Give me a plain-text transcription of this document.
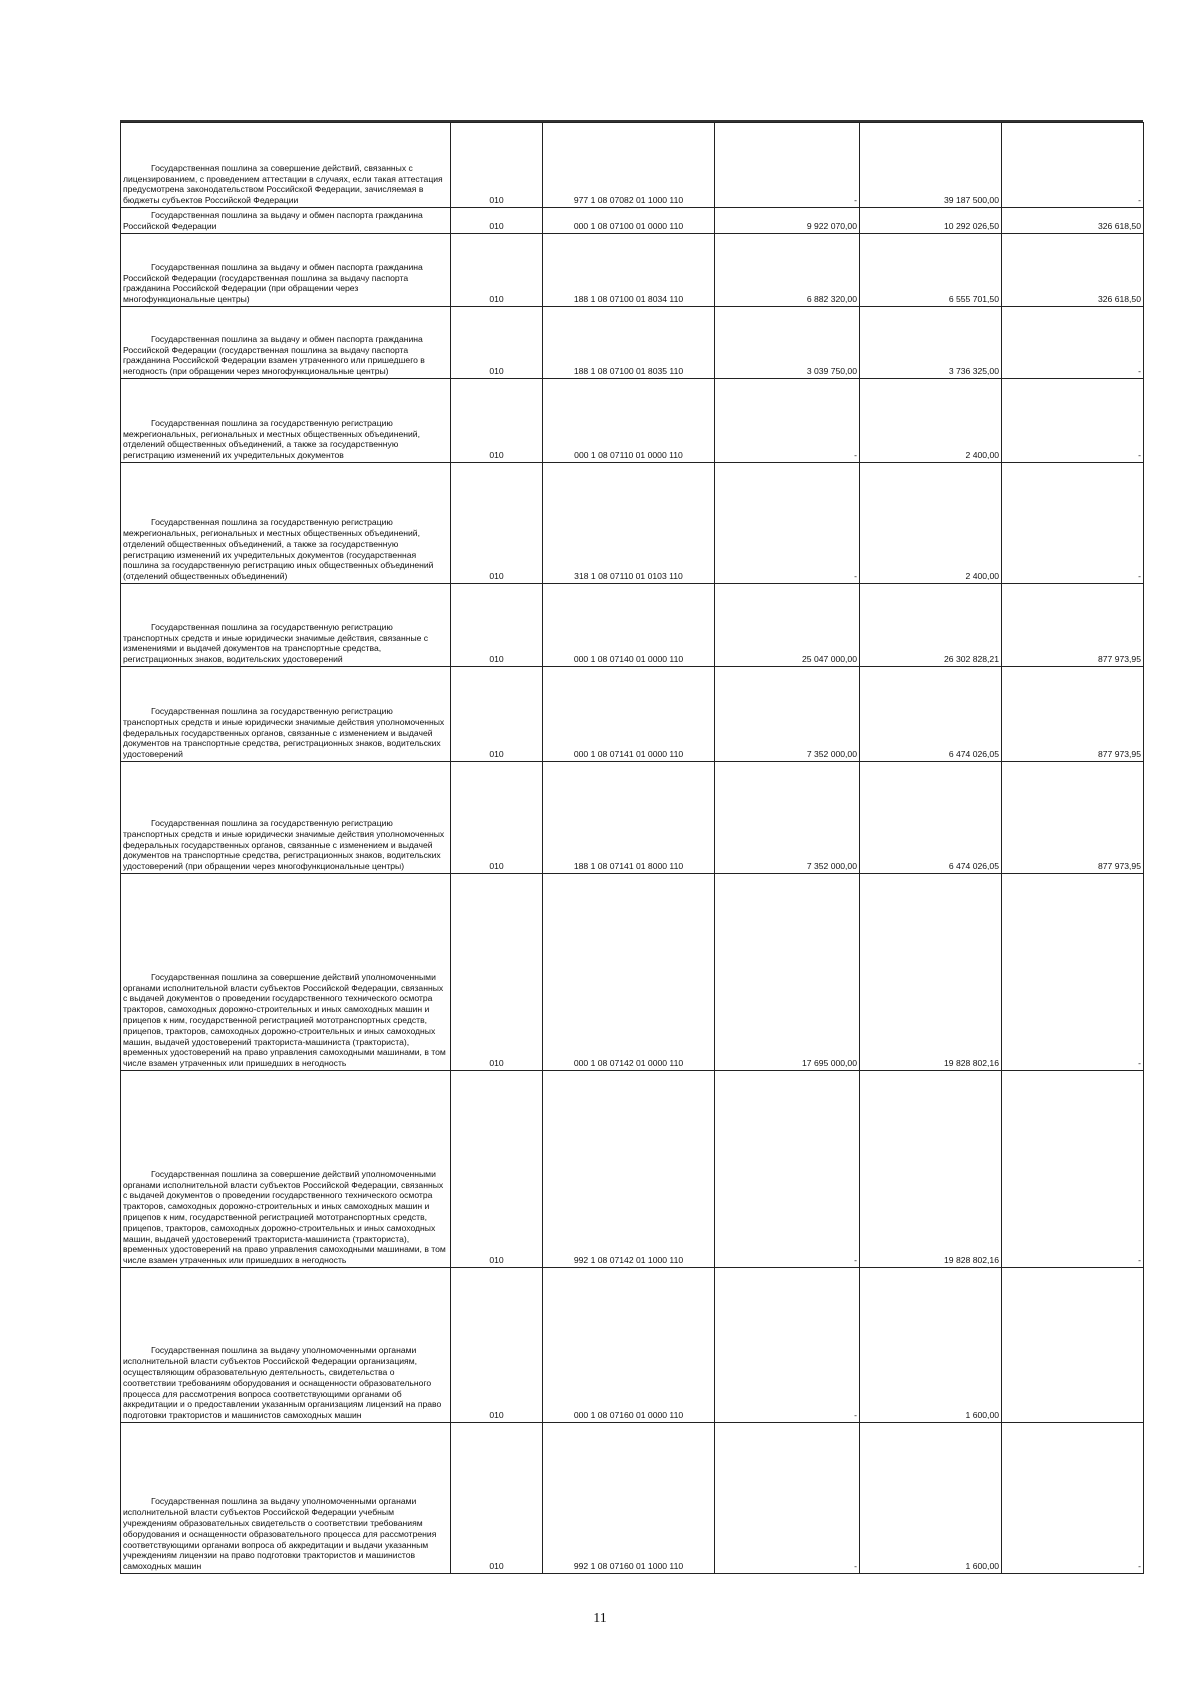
Государственная пошлина за совершение действий, связанных с лицензированием, с проведением аттестации в случаях, если такая аттестация предусмотрена законодательством Российской Федерации, зачисляемая в бюджеты субъектов Российской Федерации	010	977 1 08 07082 01 1000 110	-	39 187 500,00	-
Государственная пошлина за выдачу и обмен паспорта гражданина Российской Федерации	010	000 1 08 07100 01 0000 110	9 922 070,00	10 292 026,50	326 618,50
Государственная пошлина за выдачу и обмен паспорта гражданина Российской Федерации (государственная пошлина за выдачу паспорта гражданина Российской Федерации (при обращении через многофункциональные центры)	010	188 1 08 07100 01 8034 110	6 882 320,00	6 555 701,50	326 618,50
Государственная пошлина за выдачу и обмен паспорта гражданина Российской Федерации (государственная пошлина за выдачу паспорта гражданина Российской Федерации взамен утраченного или пришедшего в негодность (при обращении через многофункциональные центры)	010	188 1 08 07100 01 8035 110	3 039 750,00	3 736 325,00	-
Государственная пошлина за государственную регистрацию межрегиональных, региональных и местных общественных объединений, отделений общественных объединений, а также за государственную регистрацию изменений их учредительных документов	010	000 1 08 07110 01 0000 110	-	2 400,00	-
Государственная пошлина за государственную регистрацию межрегиональных, региональных и местных общественных объединений, отделений общественных объединений, а также за государственную регистрацию изменений их учредительных документов (государственная пошлина за государственную регистрацию иных общественных объединений (отделений общественных объединений)	010	318 1 08 07110 01 0103 110	-	2 400,00	-
Государственная пошлина за государственную регистрацию транспортных средств и иные юридически значимые действия, связанные с изменениями и выдачей документов на транспортные средства, регистрационных знаков, водительских удостоверений	010	000 1 08 07140 01 0000 110	25 047 000,00	26 302 828,21	877 973,95
Государственная пошлина за государственную регистрацию транспортных средств и иные юридически значимые действия уполномоченных федеральных государственных органов, связанные с изменением и выдачей документов на транспортные средства, регистрационных знаков, водительских удостоверений	010	000 1 08 07141 01 0000 110	7 352 000,00	6 474 026,05	877 973,95
Государственная пошлина за государственную регистрацию транспортных средств и иные юридически значимые действия уполномоченных федеральных государственных органов, связанные с изменением и выдачей документов на транспортные средства, регистрационных знаков, водительских удостоверений (при обращении через многофункциональные центры)	010	188 1 08 07141 01 8000 110	7 352 000,00	6 474 026,05	877 973,95
Государственная пошлина за совершение действий уполномоченными органами исполнительной власти субъектов Российской Федерации, связанных с выдачей документов о проведении государственного технического осмотра тракторов, самоходных дорожно-строительных и иных самоходных машин и прицепов к ним, государственной регистрацией мототранспортных средств, прицепов, тракторов, самоходных дорожно-строительных и иных самоходных машин, выдачей удостоверений тракториста-машиниста (тракториста), временных удостоверений на право управления самоходными машинами, в том числе взамен утраченных или пришедших в негодность	010	000 1 08 07142 01 0000 110	17 695 000,00	19 828 802,16	-
Государственная пошлина за совершение действий уполномоченными органами исполнительной власти субъектов Российской Федерации, связанных с выдачей документов о проведении государственного технического осмотра тракторов, самоходных дорожно-строительных и иных самоходных машин и прицепов к ним, государственной регистрацией мототранспортных средств, прицепов, тракторов, самоходных дорожно-строительных и иных самоходных машин, выдачей удостоверений тракториста-машиниста (тракториста), временных удостоверений на право управления самоходными машинами, в том числе взамен утраченных или пришедших в негодность	010	992 1 08 07142 01 1000 110	-	19 828 802,16	-
Государственная пошлина за выдачу уполномоченными органами исполнительной власти субъектов Российской Федерации организациям, осуществляющим образовательную деятельность, свидетельства о соответствии требованиям оборудования и оснащенности образовательного процесса для рассмотрения вопроса соответствующими органами об аккредитации и о предоставлении указанным организациям лицензий на право подготовки трактористов и машинистов самоходных машин	010	000 1 08 07160 01 0000 110	-	1 600,00	
Государственная пошлина за выдачу уполномоченными органами исполнительной власти субъектов Российской Федерации учебным учреждениям образовательных свидетельств о соответствии требованиям оборудования и оснащенности образовательного процесса для рассмотрения соответствующими органами вопроса об аккредитации и выдачи указанным учреждениям лицензии на право подготовки трактористов и машинистов самоходных машин	010	992 1 08 07160 01 1000 110	-	1 600,00	-
11
